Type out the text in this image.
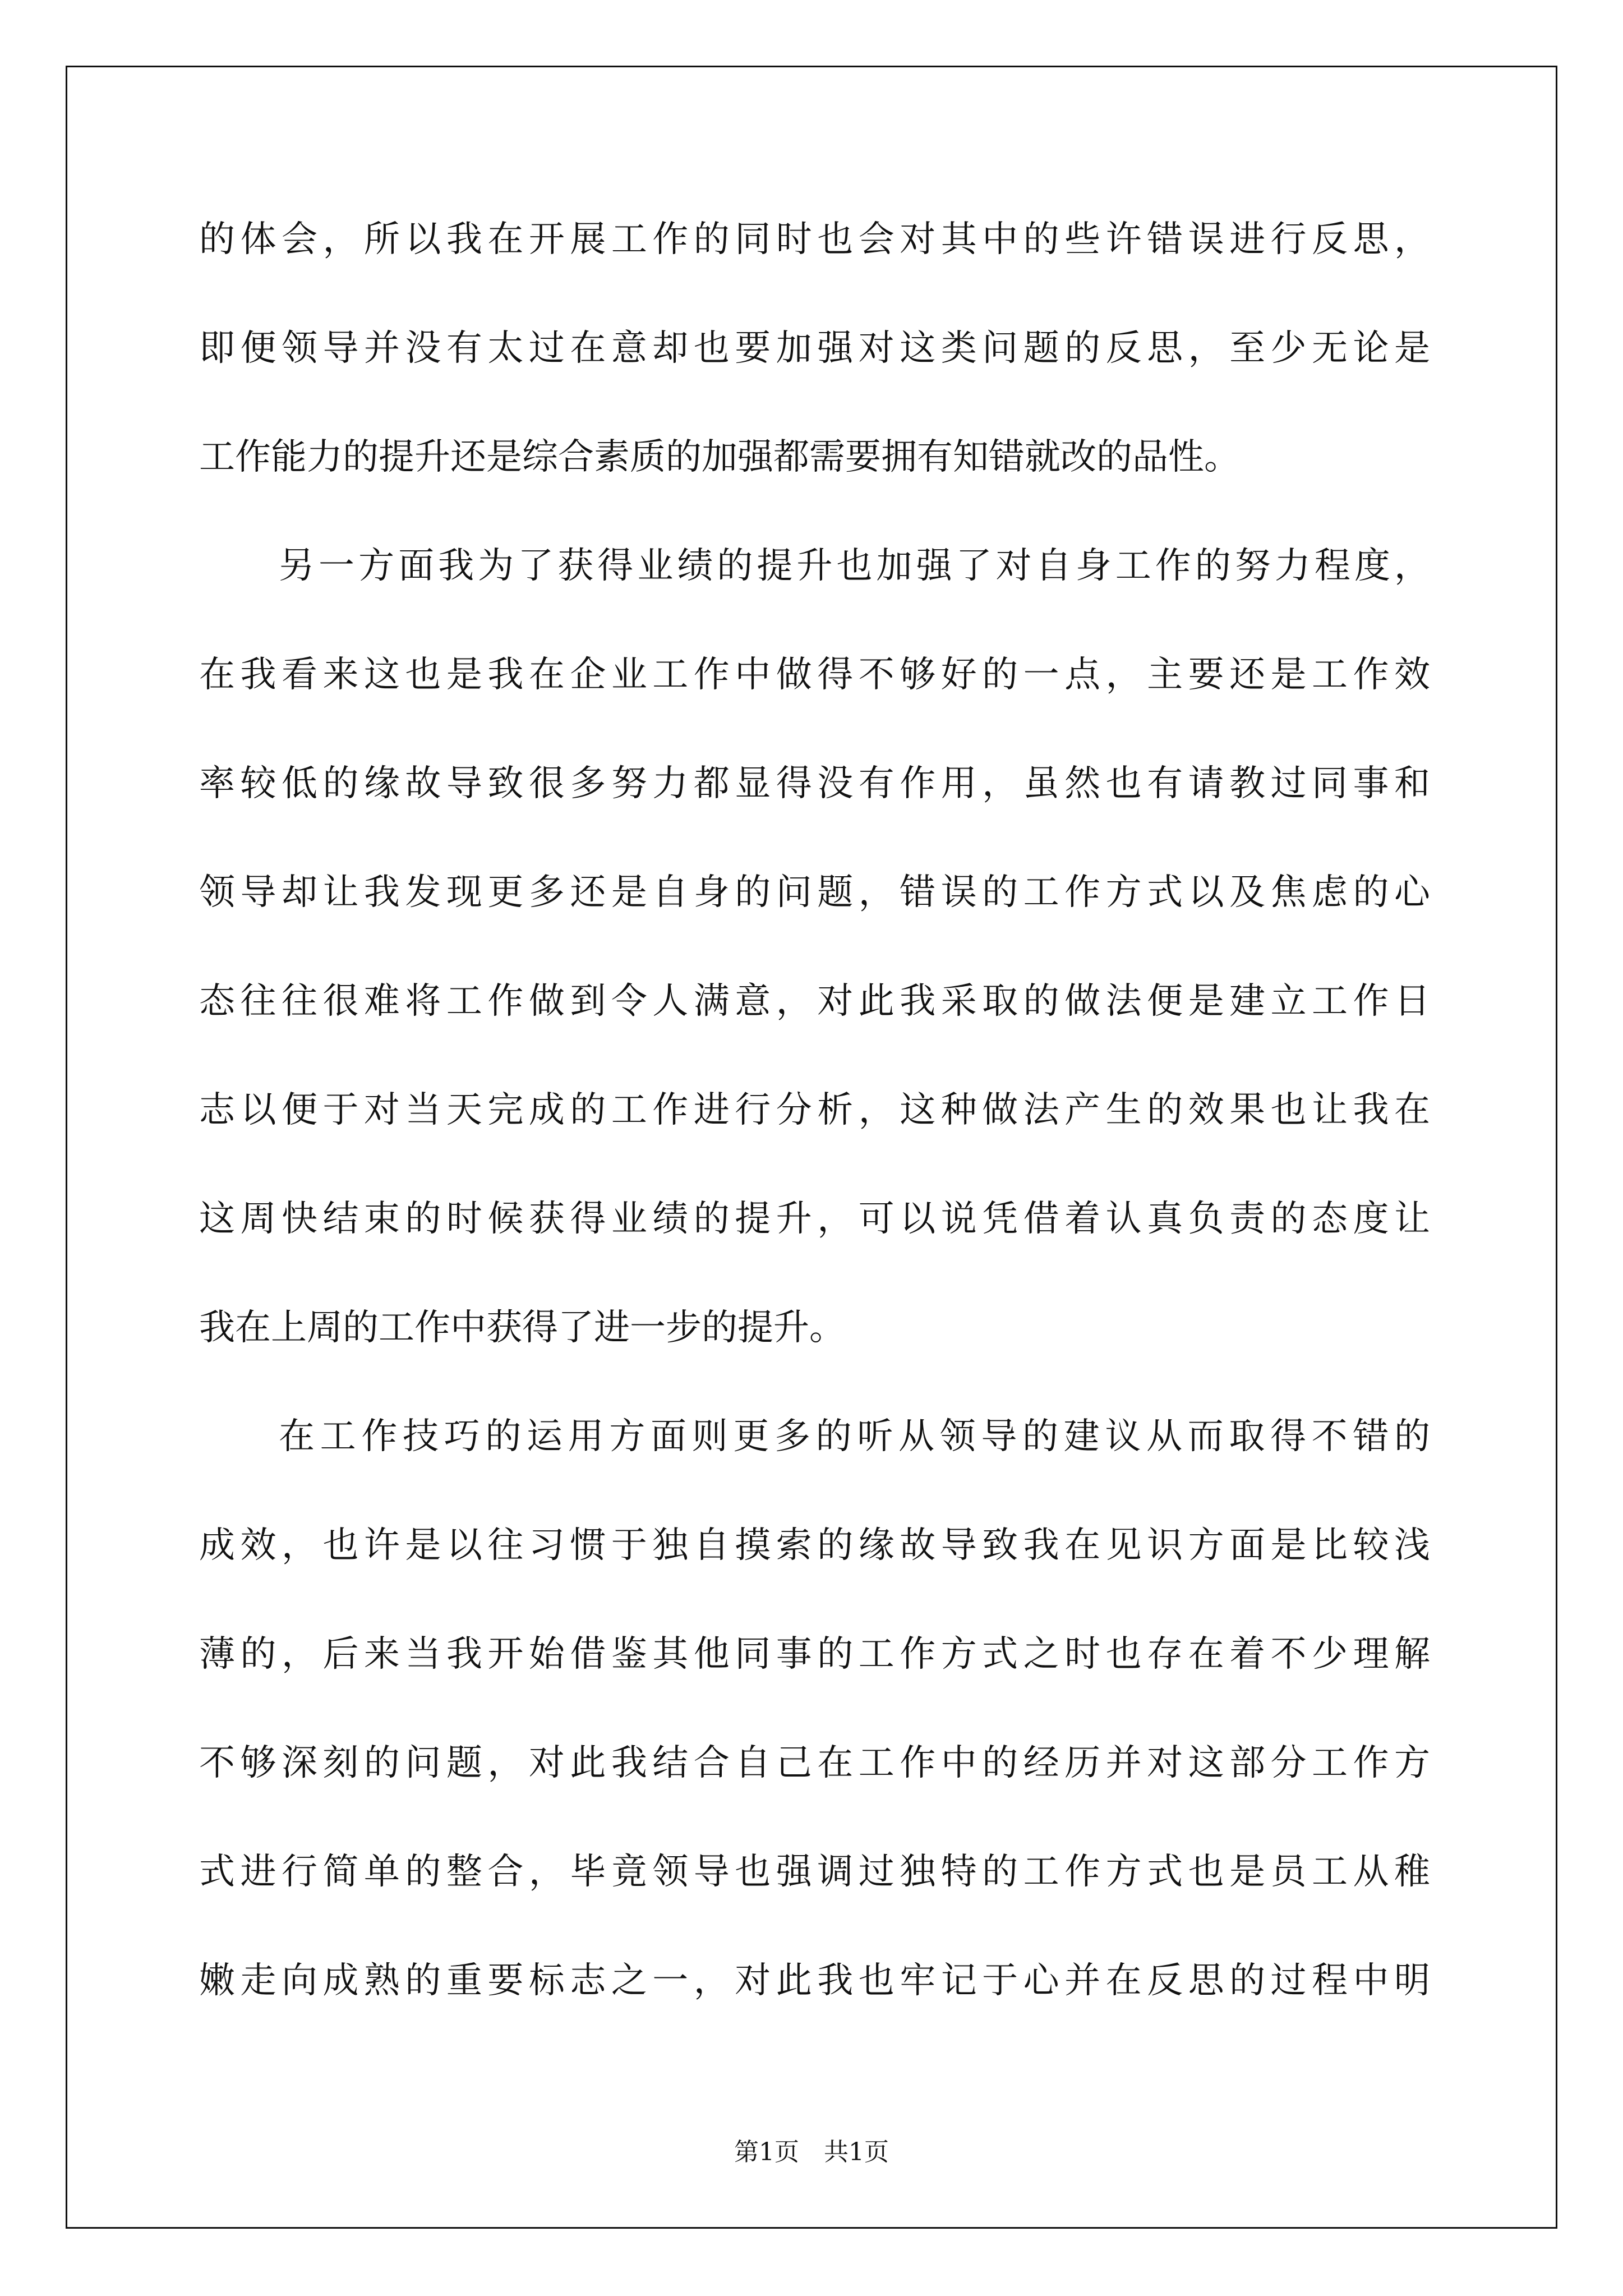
的体会，所以我在开展工作的同时也会对其中的些许错误进行反思，
即便领导并没有太过在意却也要加强对这类问题的反思，至少无论是
工作能力的提升还是综合素质的加强都需要拥有知错就改的品性。
另一方面我为了获得业绩的提升也加强了对自身工作的努力程度，
在我看来这也是我在企业工作中做得不够好的一点，主要还是工作效
率较低的缘故导致很多努力都显得没有作用，虽然也有请教过同事和
领导却让我发现更多还是自身的问题，错误的工作方式以及焦虑的心
态往往很难将工作做到令人满意，对此我采取的做法便是建立工作日
志以便于对当天完成的工作进行分析，这种做法产生的效果也让我在
这周快结束的时候获得业绩的提升，可以说凭借着认真负责的态度让
我在上周的工作中获得了进一步的提升。
在工作技巧的运用方面则更多的听从领导的建议从而取得不错的
成效，也许是以往习惯于独自摸索的缘故导致我在见识方面是比较浅
薄的，后来当我开始借鉴其他同事的工作方式之时也存在着不少理解
不够深刻的问题，对此我结合自己在工作中的经历并对这部分工作方
式进行简单的整合，毕竟领导也强调过独特的工作方式也是员工从稚
嫩走向成熟的重要标志之一，对此我也牢记于心并在反思的过程中明
第1页 共1页
